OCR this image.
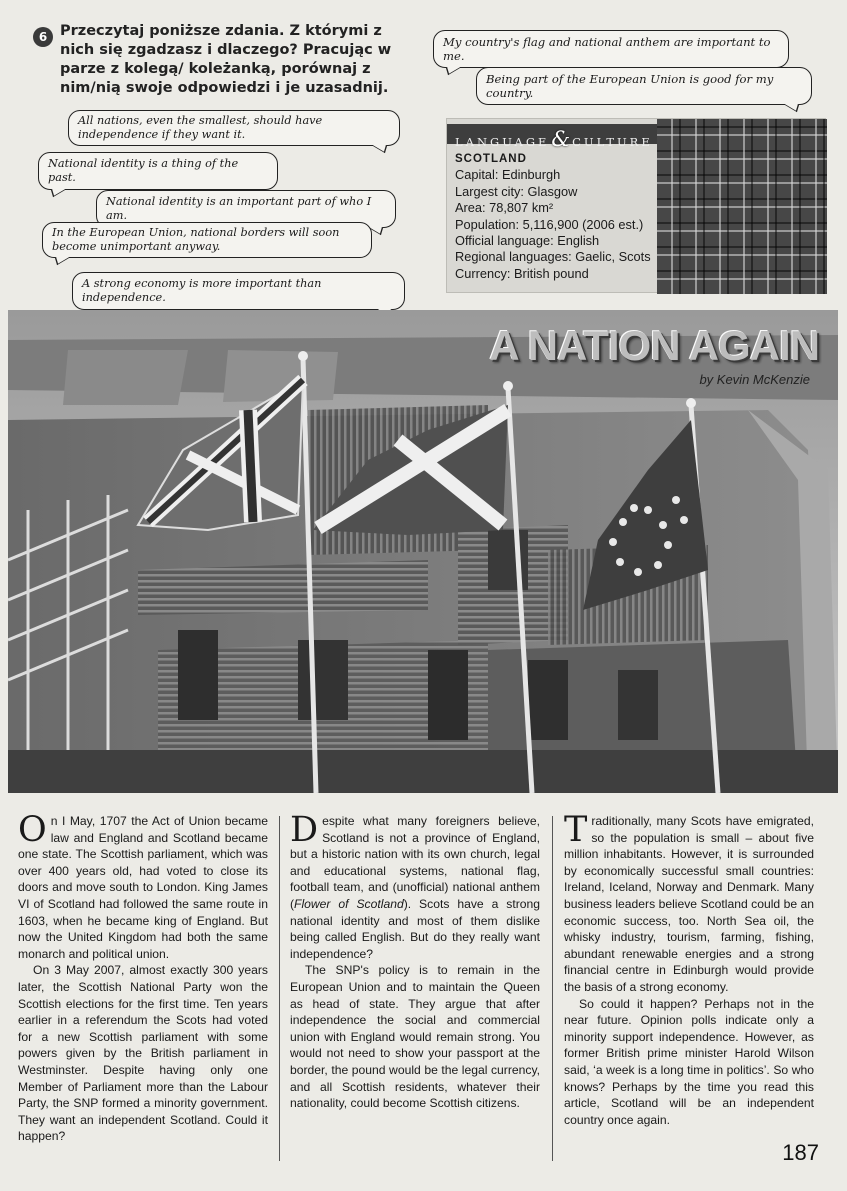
6 Przeczytaj poniższe zdania. Z którymi z nich się zgadzasz i dlaczego? Pracując w parze z kolegą/ koleżanką, porównaj z nim/nią swoje odpowiedzi i je uzasadnij.
My country's flag and national anthem are important to me.
Being part of the European Union is good for my country.
All nations, even the smallest, should have independence if they want it.
National identity is a thing of the past.
National identity is an important part of who I am.
In the European Union, national borders will soon become unimportant anyway.
A strong economy is more important than independence.
LANGUAGE& CULTURE
SCOTLAND
Capital: Edinburgh
Largest city: Glasgow
Area: 78,807 km²
Population: 5,116,900 (2006 est.)
Official language: English
Regional languages: Gaelic, Scots
Currency: British pound
A NATION AGAIN
by Kevin McKenzie

On I May, 1707 the Act of Union became law and England and Scotland became one state. The Scottish parliament, which was over 400 years old, had voted to close its doors and move south to London. King James VI of Scotland had followed the same route in 1603, when he became king of England. But now the United Kingdom had both the same monarch and political union.

On 3 May 2007, almost exactly 300 years later, the Scottish National Party won the Scottish elections for the first time. Ten years earlier in a referendum the Scots had voted for a new Scottish parliament with some powers given by the British parliament in Westminster. Despite having only one Member of Parliament more than the Labour Party, the SNP formed a minority government. They want an independent Scotland. Could it happen?

Despite what many foreigners believe, Scotland is not a province of England, but a historic nation with its own church, legal and educational systems, national flag, football team, and (unofficial) national anthem (Flower of Scotland). Scots have a strong national identity and most of them dislike being called English. But do they really want independence?

The SNP's policy is to remain in the European Union and to maintain the Queen as head of state. They argue that after independence the social and commercial union with England would remain strong. You would not need to show your passport at the border, the pound would be the legal currency, and all Scottish residents, whatever their nationality, could become Scottish citizens.

Traditionally, many Scots have emigrated, so the population is small – about five million inhabitants. However, it is surrounded by economically successful small countries: Ireland, Iceland, Norway and Denmark. Many business leaders believe Scotland could be an economic success, too. North Sea oil, the whisky industry, tourism, farming, fishing, abundant renewable energies and a strong financial centre in Edinburgh would provide the basis of a strong economy.

So could it happen? Perhaps not in the near future. Opinion polls indicate only a minority support independence. However, as former British prime minister Harold Wilson said, ‘a week is a long time in politics’. So who knows? Perhaps by the time you read this article, Scotland will be an independent country once again.

187
